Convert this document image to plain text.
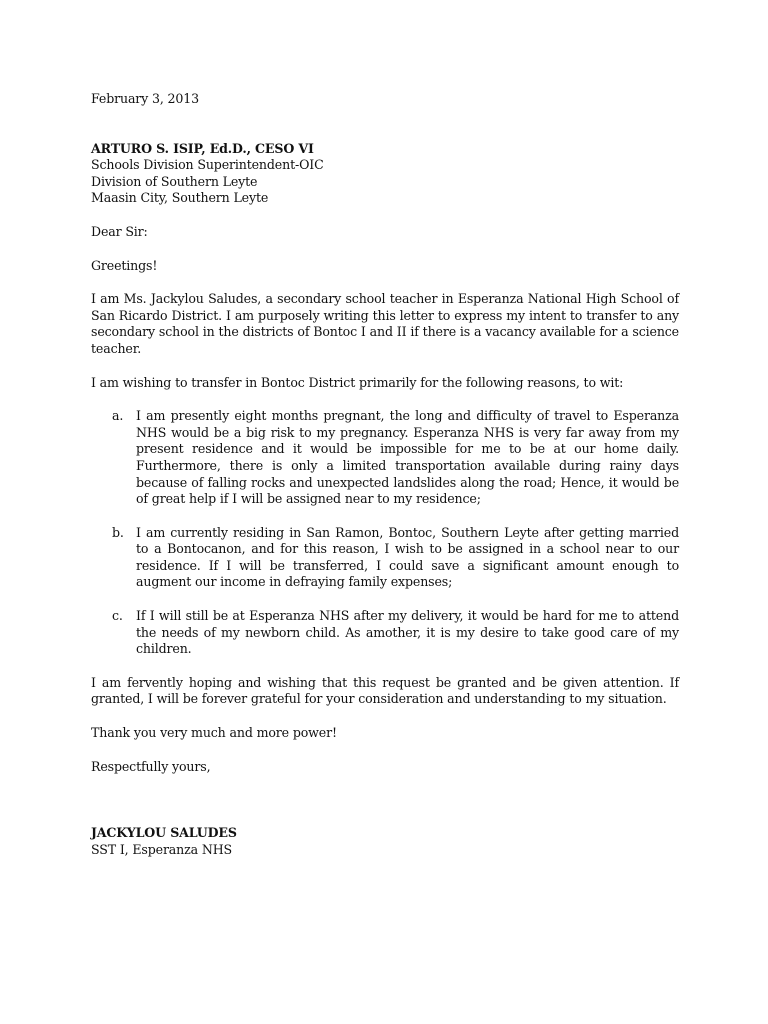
February 3, 2013

ARTURO S. ISIP, Ed.D., CESO VI

Schools Division Superintendent-OIC

Division of Southern Leyte

Maasin City, Southern Leyte

Dear Sir:

Greetings!

I am Ms. Jackylou Saludes, a secondary school teacher in Esperanza National High School of San Ricardo District. I am purposely writing this letter to express my intent to transfer to any secondary school in the districts of Bontoc I and II if there is a vacancy available for a science teacher.

I am wishing to transfer in Bontoc District primarily for the following reasons, to wit:

a. I am presently eight months pregnant, the long and difficulty of travel to Esperanza NHS would be a big risk to my pregnancy. Esperanza NHS is very far away from my present residence and it would be impossible for me to be at our home daily. Furthermore, there is only a limited transportation available during rainy days because of falling rocks and unexpected landslides along the road; Hence, it would be of great help if I will be assigned near to my residence;
b. I am currently residing in San Ramon, Bontoc, Southern Leyte after getting married to a Bontocanon, and for this reason, I wish to be assigned in a school near to our residence. If I will be transferred, I could save a significant amount enough to augment our income in defraying family expenses;
c. If I will still be at Esperanza NHS after my delivery, it would be hard for me to attend the needs of my newborn child. As amother, it is my desire to take good care of my children.

I am fervently hoping and wishing that this request be granted and be given attention. If granted, I will be forever grateful for your consideration and understanding to my situation.

Thank you very much and more power!

Respectfully yours,

JACKYLOU SALUDES

SST I, Esperanza NHS
